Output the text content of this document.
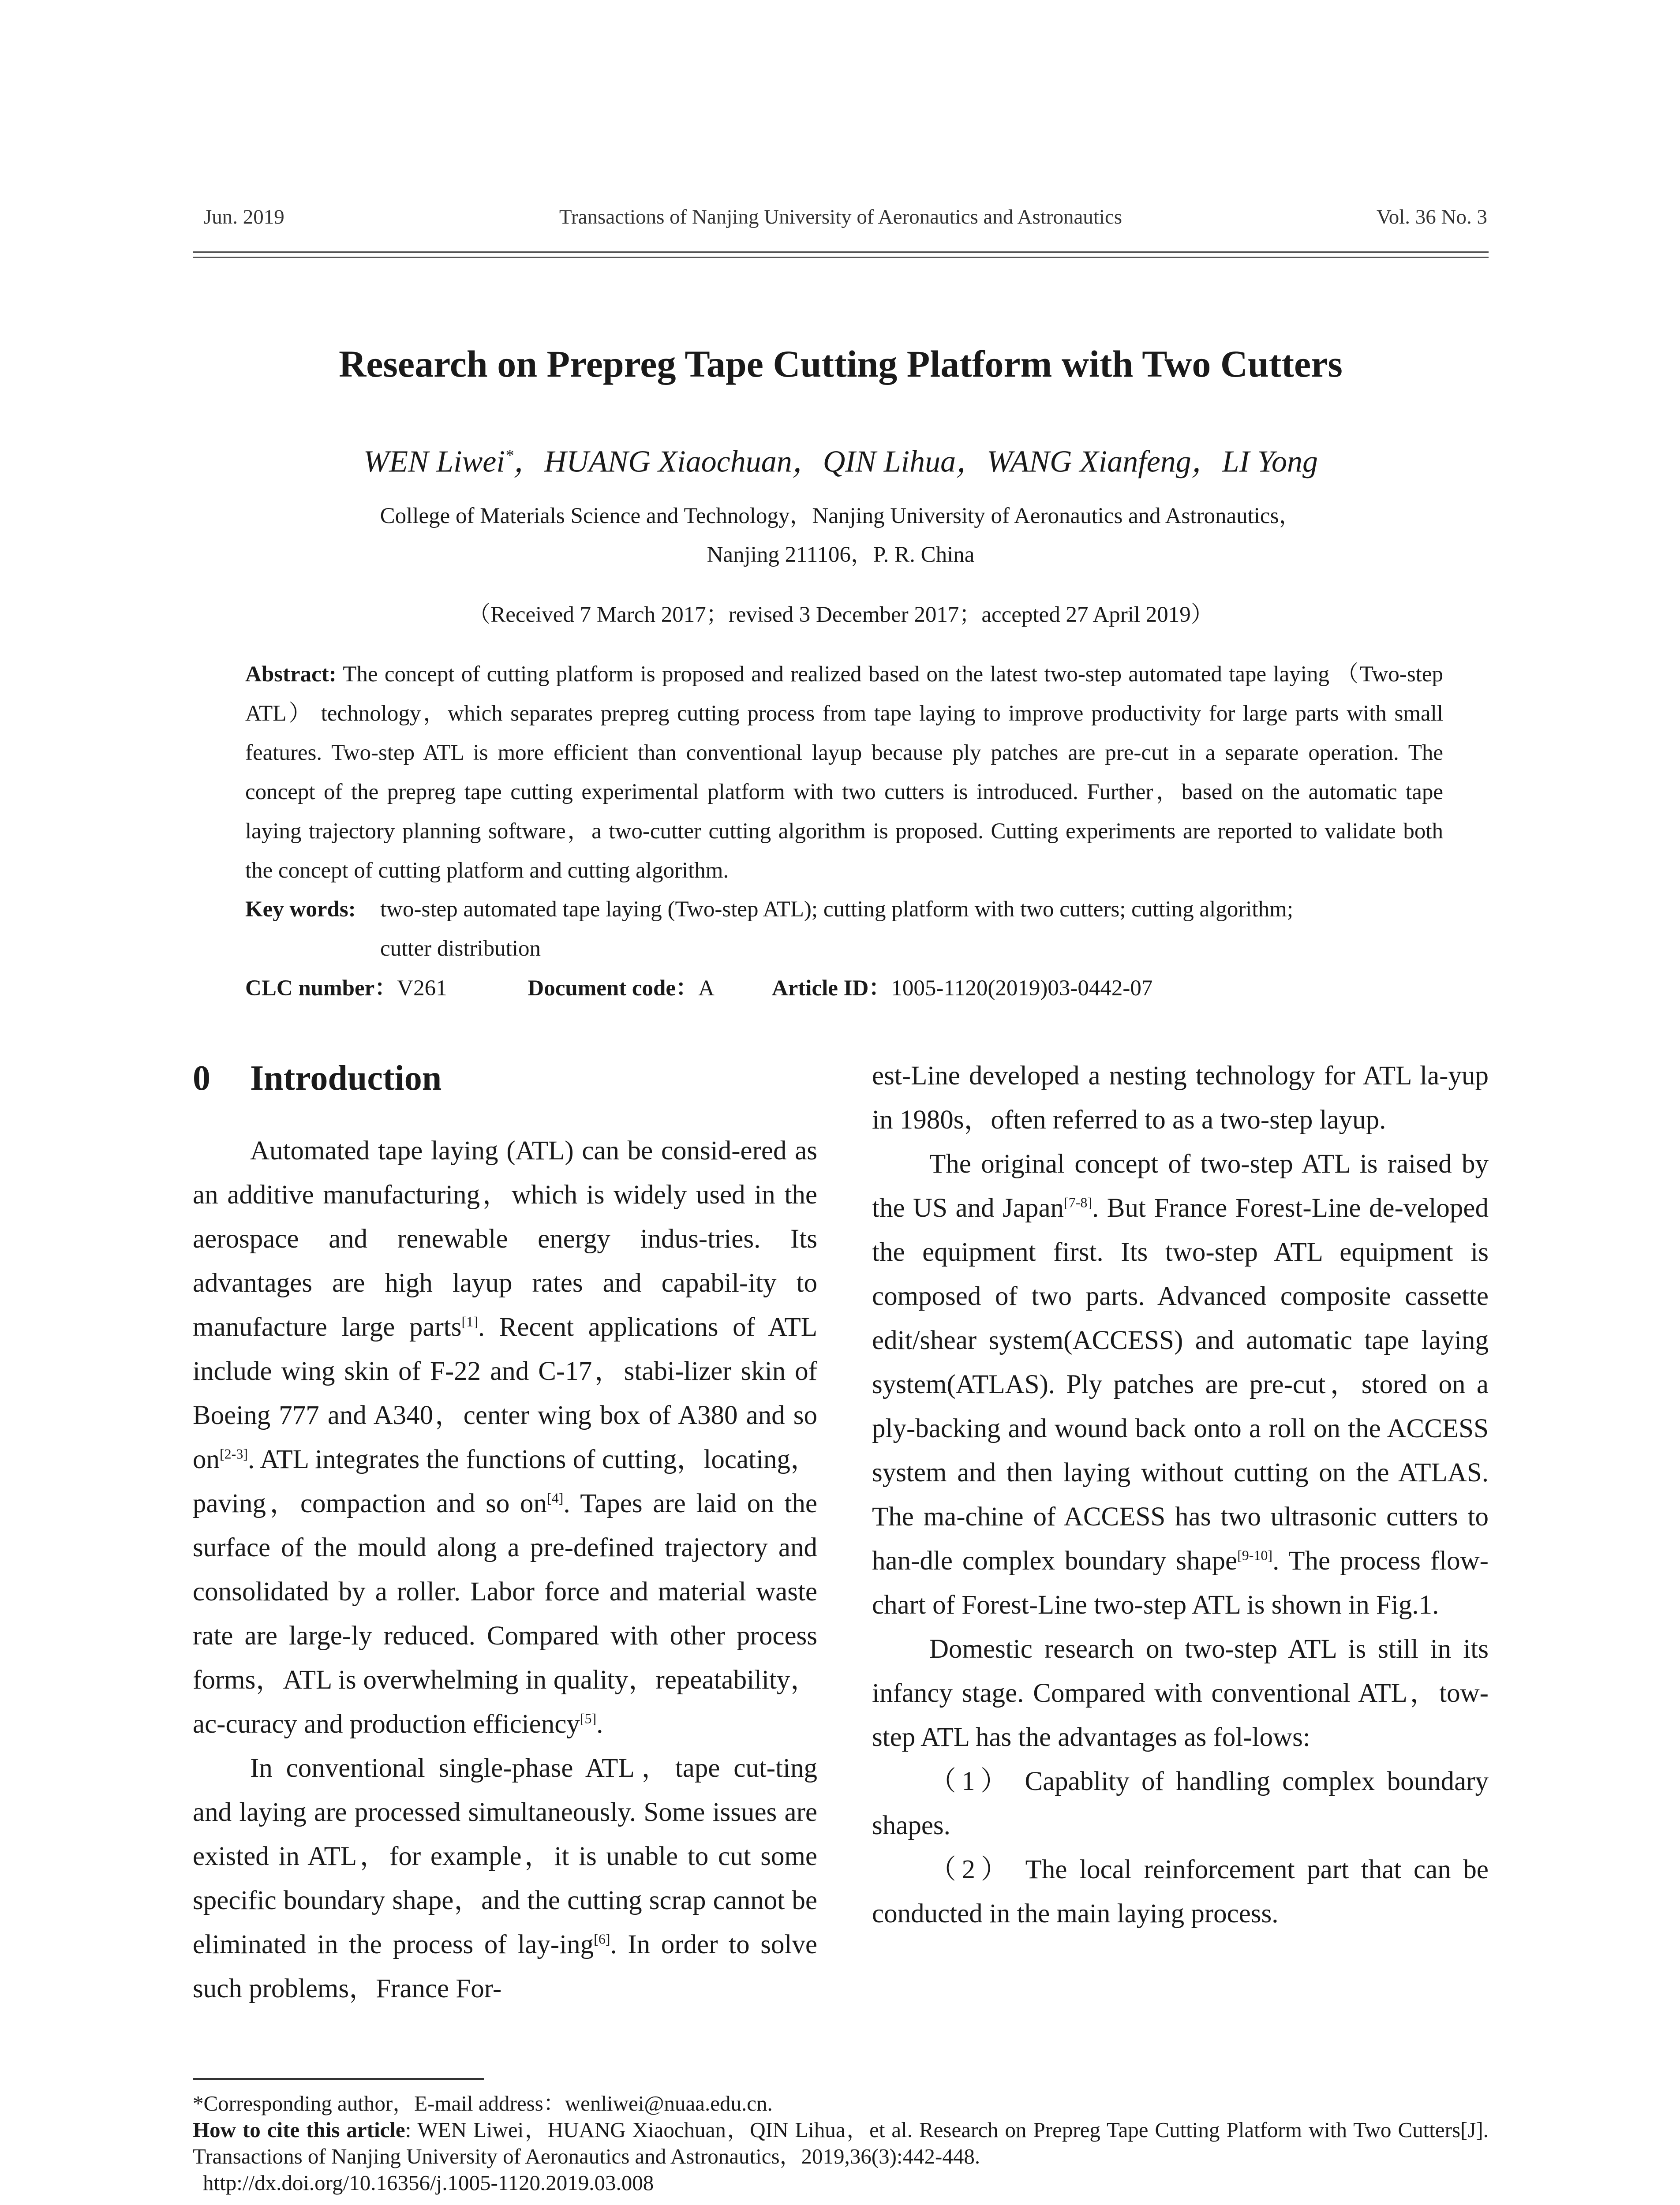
Jun. 2019	Transactions of Nanjing University of Aeronautics and Astronautics	Vol. 36 No. 3
Research on Prepreg Tape Cutting Platform with Two Cutters
WEN Liwei*，HUANG Xiaochuan，QIN Lihua，WANG Xianfeng，LI Yong
College of Materials Science and Technology，Nanjing University of Aeronautics and Astronautics，
Nanjing 211106，P. R. China
（Received 7 March 2017；revised 3 December 2017；accepted 27 April 2019）
Abstract: The concept of cutting platform is proposed and realized based on the latest two-step automated tape laying （Two-step ATL） technology，which separates prepreg cutting process from tape laying to improve productivity for large parts with small features. Two-step ATL is more efficient than conventional layup because ply patches are pre-cut in a separate operation. The concept of the prepreg tape cutting experimental platform with two cutters is introduced. Further，based on the automatic tape laying trajectory planning software，a two-cutter cutting algorithm is proposed. Cutting experiments are reported to validate both the concept of cutting platform and cutting algorithm.
Key words: two-step automated tape laying (Two-step ATL); cutting platform with two cutters; cutting algorithm;
cutter distribution
CLC number：V261	Document code：A	Article ID：1005-1120(2019)03-0442-07
0 Introduction

Automated tape laying (ATL) can be consid-ered as an additive manufacturing，which is widely used in the aerospace and renewable energy indus-tries. Its advantages are high layup rates and capabil-ity to manufacture large parts[1]. Recent applications of ATL include wing skin of F-22 and C-17，stabi-lizer skin of Boeing 777 and A340，center wing box of A380 and so on[2-3]. ATL integrates the functions of cutting，locating，paving，compaction and so on[4]. Tapes are laid on the surface of the mould along a pre-defined trajectory and consolidated by a roller. Labor force and material waste rate are large-ly reduced. Compared with other process forms，ATL is overwhelming in quality，repeatability，ac-curacy and production efficiency[5].

In conventional single-phase ATL，tape cut-ting and laying are processed simultaneously. Some issues are existed in ATL，for example，it is unable to cut some specific boundary shape，and the cutting scrap cannot be eliminated in the process of lay-ing[6]. In order to solve such problems，France For-

est-Line developed a nesting technology for ATL la-yup in 1980s，often referred to as a two-step layup.

The original concept of two-step ATL is raised by the US and Japan[7-8]. But France Forest-Line de-veloped the equipment first. Its two-step ATL equipment is composed of two parts. Advanced composite cassette edit/shear system(ACCESS) and automatic tape laying system(ATLAS). Ply patches are pre-cut，stored on a ply-backing and wound back onto a roll on the ACCESS system and then laying without cutting on the ATLAS. The ma-chine of ACCESS has two ultrasonic cutters to han-dle complex boundary shape[9-10]. The process flow-chart of Forest-Line two-step ATL is shown in Fig.1.

Domestic research on two-step ATL is still in its infancy stage. Compared with conventional ATL，tow-step ATL has the advantages as fol-lows:

（1） Capablity of handling complex boundary shapes.

（2） The local reinforcement part that can be conducted in the main laying process.

*Corresponding author，E-mail address：wenliwei@nuaa.edu.cn.
How to cite this article: WEN Liwei，HUANG Xiaochuan，QIN Lihua，et al. Research on Prepreg Tape Cutting Platform with Two Cutters[J]. Transactions of Nanjing University of Aeronautics and Astronautics，2019,36(3):442-448.
http://dx.doi.org/10.16356/j.1005-1120.2019.03.008
